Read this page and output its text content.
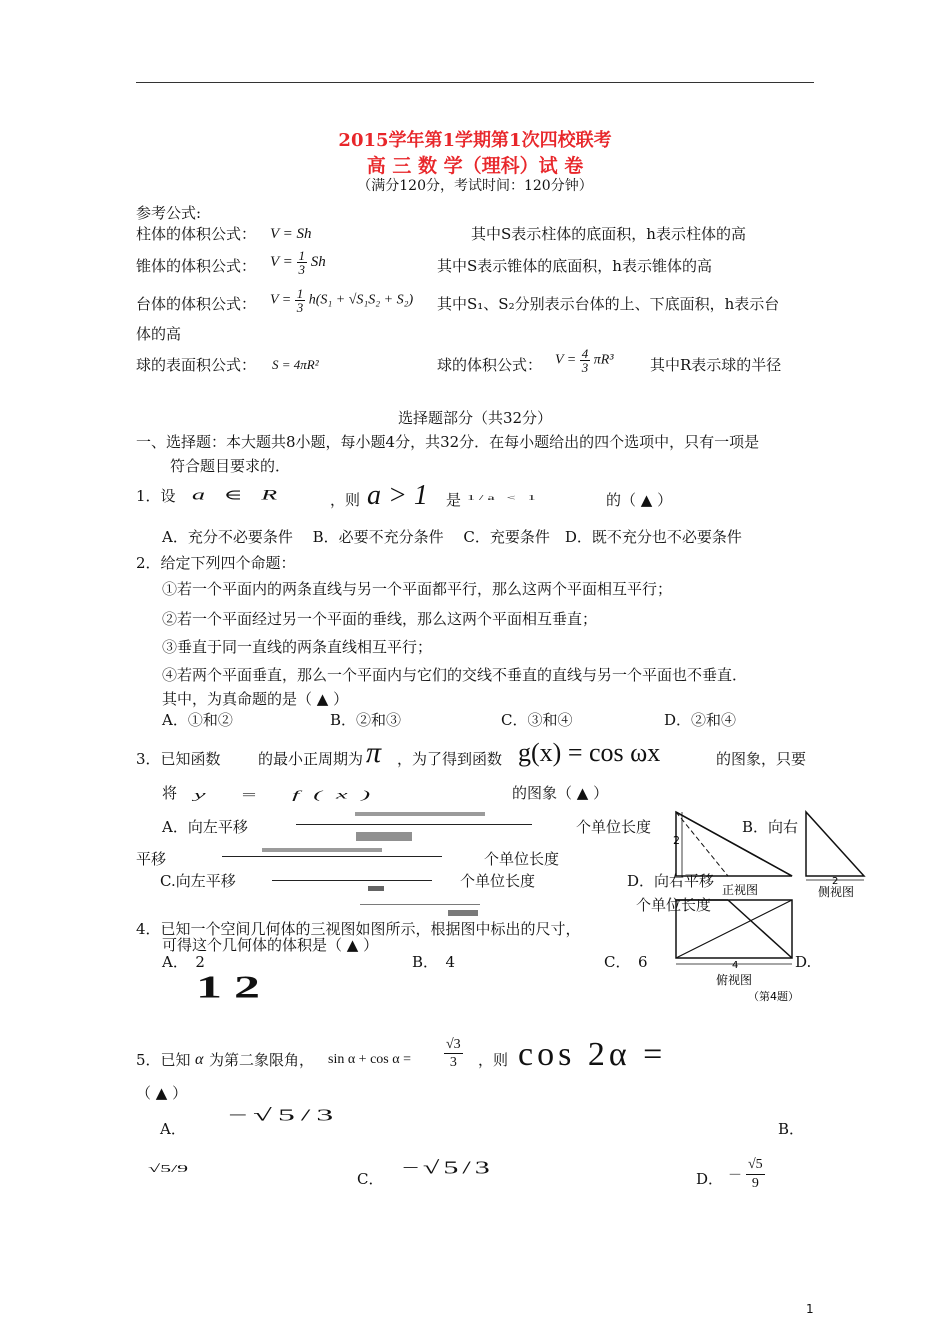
2015学年第1学期第1次四校联考
高 三 数 学（理科）试 卷
（满分120分，考试时间：120分钟）
参考公式:
柱体的体积公式： V = Sh	其中S表示柱体的底面积，h表示柱体的高
锥体的体积公式： $V = \frac{1}{3}$ Sh	其中S表示锥体的底面积，h表示锥体的高
台体的体积公式： $V = \frac{1}{3} h(S_1 + √S_1S_2 + S_2)$ 其中S₁、S₂分别表示台体的上、下底面积，h表示台
体的高
球的表面积公式： S = 4πR²	球的体积公式： $V = \frac{4}{3} \pi R^3$ 其中R表示球的半径
选择题部分（共32分）
一、选择题：本大题共8小题，每小题4分，共32分．在每小题给出的四个选项中，只有一项是
符合题目要求的．
1．设 a ∈ R	，则 a > 1 是 1/a < 1	的（ ▲ ）
A．充分不必要条件　 B．必要不充分条件　 C．充要条件　D．既不充分也不必要条件
2．给定下列四个命题：
①若一个平面内的两条直线与另一个平面都平行，那么这两个平面相互平行；
②若一个平面经过另一个平面的垂线，那么这两个平面相互垂直；
③垂直于同一直线的两条直线相互平行；
④若两个平面垂直，那么一个平面内与它们的交线不垂直的直线与另一个平面也不垂直．
其中，为真命题的是（ ▲ ）
A．①和②	B．②和③	C．③和④	D．②和④
3．已知函数 的最小正周期为 π ，为了得到函数 g(x) = cos ωx	的图象，只要
将 y = f(x)	的图象（ ▲ ）
A．向左平移	个单位长度	B．向右
平移	个单位长度
C.向左平移	个单位长度	D．向右平移
个单位长度
4．已知一个空间几何体的三视图如图所示，根据图中标出的尺寸，
可得这个几何体的体积是（ ▲ ）
A．　2	B．　4	C．　6	D.
12
2
正视图
2
侧视图
4
俯视图
（第4题）
5．已知 α 为第二象限角， $\sin \alpha + \cos \alpha = \frac{√3}{3}$ ，则 cos 2α =
（ ▲ ）
A．
−√5/3
B．
√5/9
C．
−√5/3
D． － $\frac{√5}{9}$
1
